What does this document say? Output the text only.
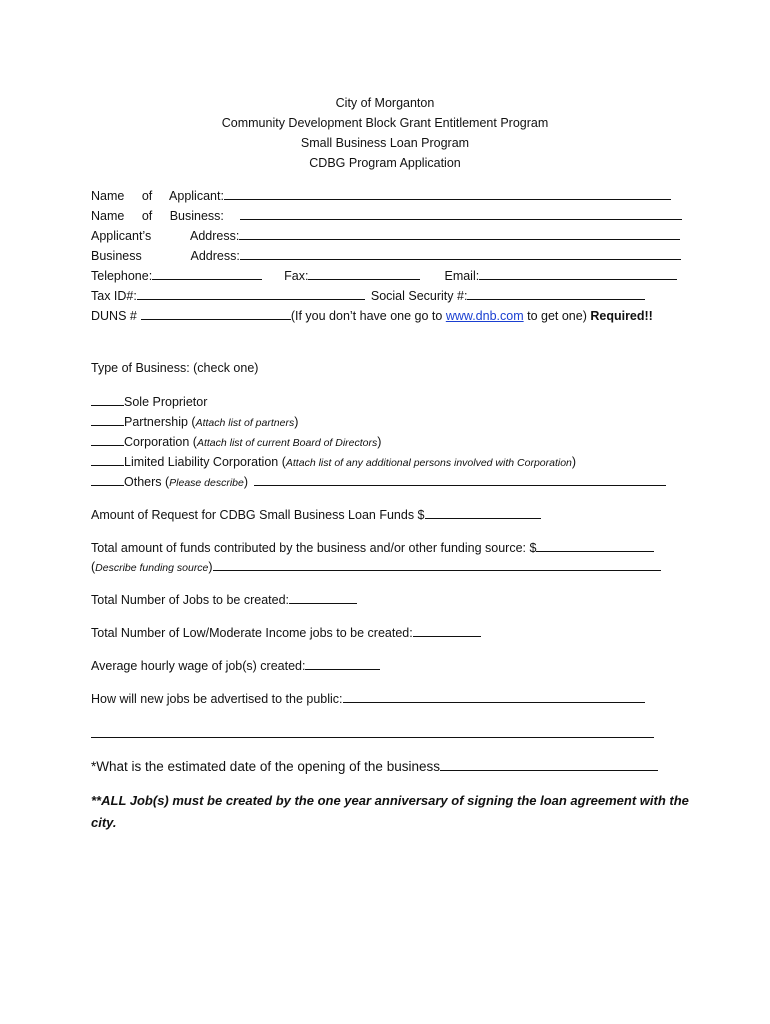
City of Morganton
Community Development Block Grant Entitlement Program
Small Business Loan Program
CDBG Program Application
Name of Applicant:
Name of Business:
Applicant’s Address:
Business Address:
Telephone:	Fax:	Email:
Tax ID#:	Social Security #:
DUNS #	(If you don’t have one go to www.dnb.com to get one) Required!!
Type of Business: (check one)
Sole Proprietor
Partnership (Attach list of partners)
Corporation (Attach list of current Board of Directors)
Limited Liability Corporation (Attach list of any additional persons involved with Corporation)
Others (Please describe)
Amount of Request for CDBG Small Business Loan Funds $
Total amount of funds contributed by the business and/or other funding source: $
(Describe funding source)
Total Number of Jobs to be created:
Total Number of Low/Moderate Income jobs to be created:
Average hourly wage of job(s) created:
How will new jobs be advertised to the public:
*What is the estimated date of the opening of the business
**ALL Job(s) must be created by the one year anniversary of signing the loan agreement with the city.
